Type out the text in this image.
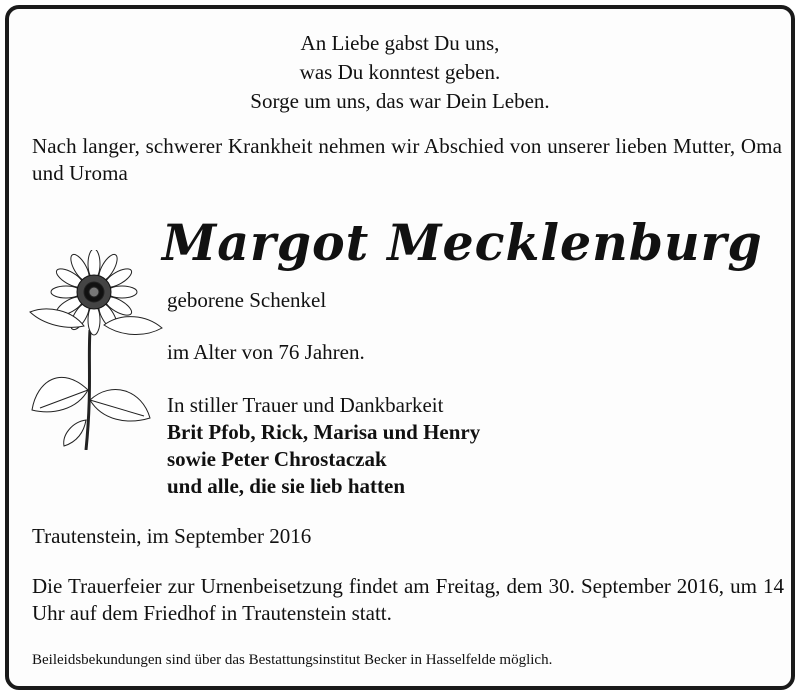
An Liebe gabst Du uns,
was Du konntest geben.
Sorge um uns, das war Dein Leben.
Nach langer, schwerer Krankheit nehmen wir Abschied von unserer lieben Mutter, Oma und Uroma
Margot Mecklenburg
geborene Schenkel
im Alter von 76 Jahren.
In stiller Trauer und Dankbarkeit
Brit Pfob, Rick, Marisa und Henry
sowie Peter Chrostaczak
und alle, die sie lieb hatten
Trautenstein, im September 2016
Die Trauerfeier zur Urnenbeisetzung findet am Freitag, dem 30. September 2016, um 14 Uhr auf dem Friedhof in Trautenstein statt.
Beileidsbekundungen sind über das Bestattungsinstitut Becker in Hasselfelde möglich.
